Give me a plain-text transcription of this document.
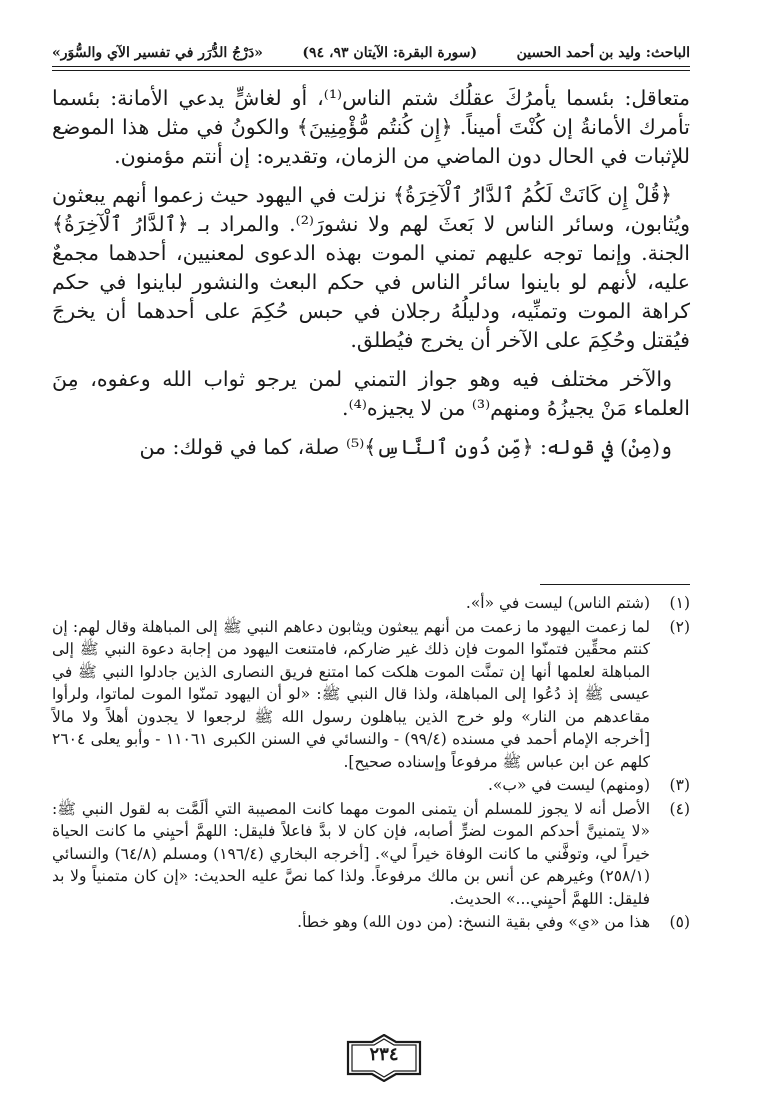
الباحث: وليد بن أحمد الحسين
(سورة البقرة: الآيتان ٩٣، ٩٤)
«دَرْجُ الدُّرَر في تفسير الآي والسُّوَر»

متعاقل: بئسما يأمرُكَ عقلُك شتم الناس⁽¹⁾، أو لغاشٍّ يدعي الأمانة: بئسما تأمرك الأمانةُ إن كُنْتَ أميناً. ﴿إِن كُنتُم مُّؤْمِنِينَ﴾ والكونُ في مثل هذا الموضع للإثبات في الحال دون الماضي من الزمان، وتقديره: إن أنتم مؤمنون.

﴿قُلْ إِن كَانَتْ لَكُمُ ٱلدَّارُ ٱلْآخِرَةُ﴾ نزلت في اليهود حيث زعموا أنهم يبعثون ويُثابون، وسائر الناس لا بَعثَ لهم ولا نشورَ⁽²⁾. والمراد بـ ﴿ٱلدَّارُ ٱلْآخِرَةُ﴾ الجنة. وإنما توجه عليهم تمني الموت بهذه الدعوى لمعنيين، أحدهما مجمعٌ عليه، لأنهم لو باينوا سائر الناس في حكم البعث والنشور لباينوا في حكم كراهة الموت وتمنِّيه، ودليلُهُ رجلان في حبس حُكِمَ على أحدهما أن يخرجَ فيُقتل وحُكِمَ على الآخر أن يخرج فيُطلق.

والآخر مختلف فيه وهو جواز التمني لمن يرجو ثواب الله وعفوه، مِنَ العلماء مَنْ يجيزُهُ ومنهم⁽³⁾ من لا يجيزه⁽⁴⁾.

و(مِنْ) في قوله: ﴿مِّن دُونِ ٱلنَّاسِ﴾⁽⁵⁾ صلة، كما في قولك: من

(١)
(شتم الناس) ليست في «أ».
(٢)
لما زعمت اليهود ما زعمت من أنهم يبعثون ويثابون دعاهم النبي ﷺ إلى المباهلة وقال لهم: إن كنتم محقِّين فتمنّوا الموت فإن ذلك غير ضاركم، فامتنعت اليهود من إجابة دعوة النبي ﷺ إلى المباهلة لعلمها أنها إن تمنَّت الموت هلكت كما امتنع فريق النصارى الذين جادلوا النبي ﷺ في عيسى ﷺ إذ دُعُوا إلى المباهلة، ولذا قال النبي ﷺ: «لو أن اليهود تمنّوا الموت لماتوا، ولرأوا مقاعدهم من النار» ولو خرج الذين يباهلون رسول الله ﷺ لرجعوا لا يجدون أهلاً ولا مالاً [أخرجه الإمام أحمد في مسنده (٩٩/٤) - والنسائي في السنن الكبرى ١١٠٦١ - وأبو يعلى ٢٦٠٤ كلهم عن ابن عباس ﷺ مرفوعاً وإسناده صحيح].
(٣)
(ومنهم) ليست في «ب».
(٤)
الأصل أنه لا يجوز للمسلم أن يتمنى الموت مهما كانت المصيبة التي ألَمَّت به لقول النبي ﷺ: «لا يتمنينَّ أحدكم الموت لضرٍّ أصابه، فإن كان لا بدَّ فاعلاً فليقل: اللهمَّ أحيِني ما كانت الحياة خيراً لي، وتوفَّني ما كانت الوفاة خيراً لي». [أخرجه البخاري (١٩٦/٤) ومسلم (٦٤/٨) والنسائي (٢٥٨/١) وغيرهم عن أنس بن مالك مرفوعاً. ولذا كما نصَّ عليه الحديث: «إن كان متمنياً ولا بد فليقل: اللهمَّ أحيِني...» الحديث.
(٥)
هذا من «ي» وفي بقية النسخ: (من دون الله) وهو خطأ.
٢٣٤
